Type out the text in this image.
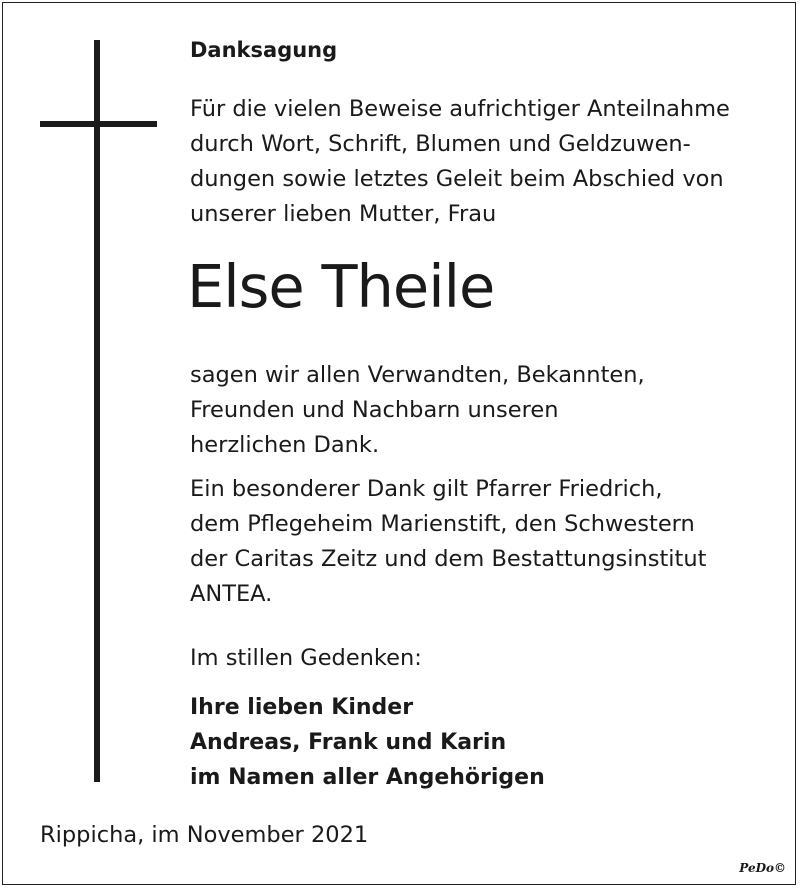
Danksagung

Für die vielen Beweise aufrichtiger Anteilnahme
durch Wort, Schrift, Blumen und Geldzuwen-
dungen sowie letztes Geleit beim Abschied von
unserer lieben Mutter, Frau

Else Theile

sagen wir allen Verwandten, Bekannten,
Freunden und Nachbarn unseren
herzlichen Dank.

Ein besonderer Dank gilt Pfarrer Friedrich,
dem Pflegeheim Marienstift, den Schwestern
der Caritas Zeitz und dem Bestattungsinstitut
ANTEA.

Im stillen Gedenken:

Ihre lieben Kinder
Andreas, Frank und Karin
im Namen aller Angehörigen

Rippicha, im November 2021

PeDo©
